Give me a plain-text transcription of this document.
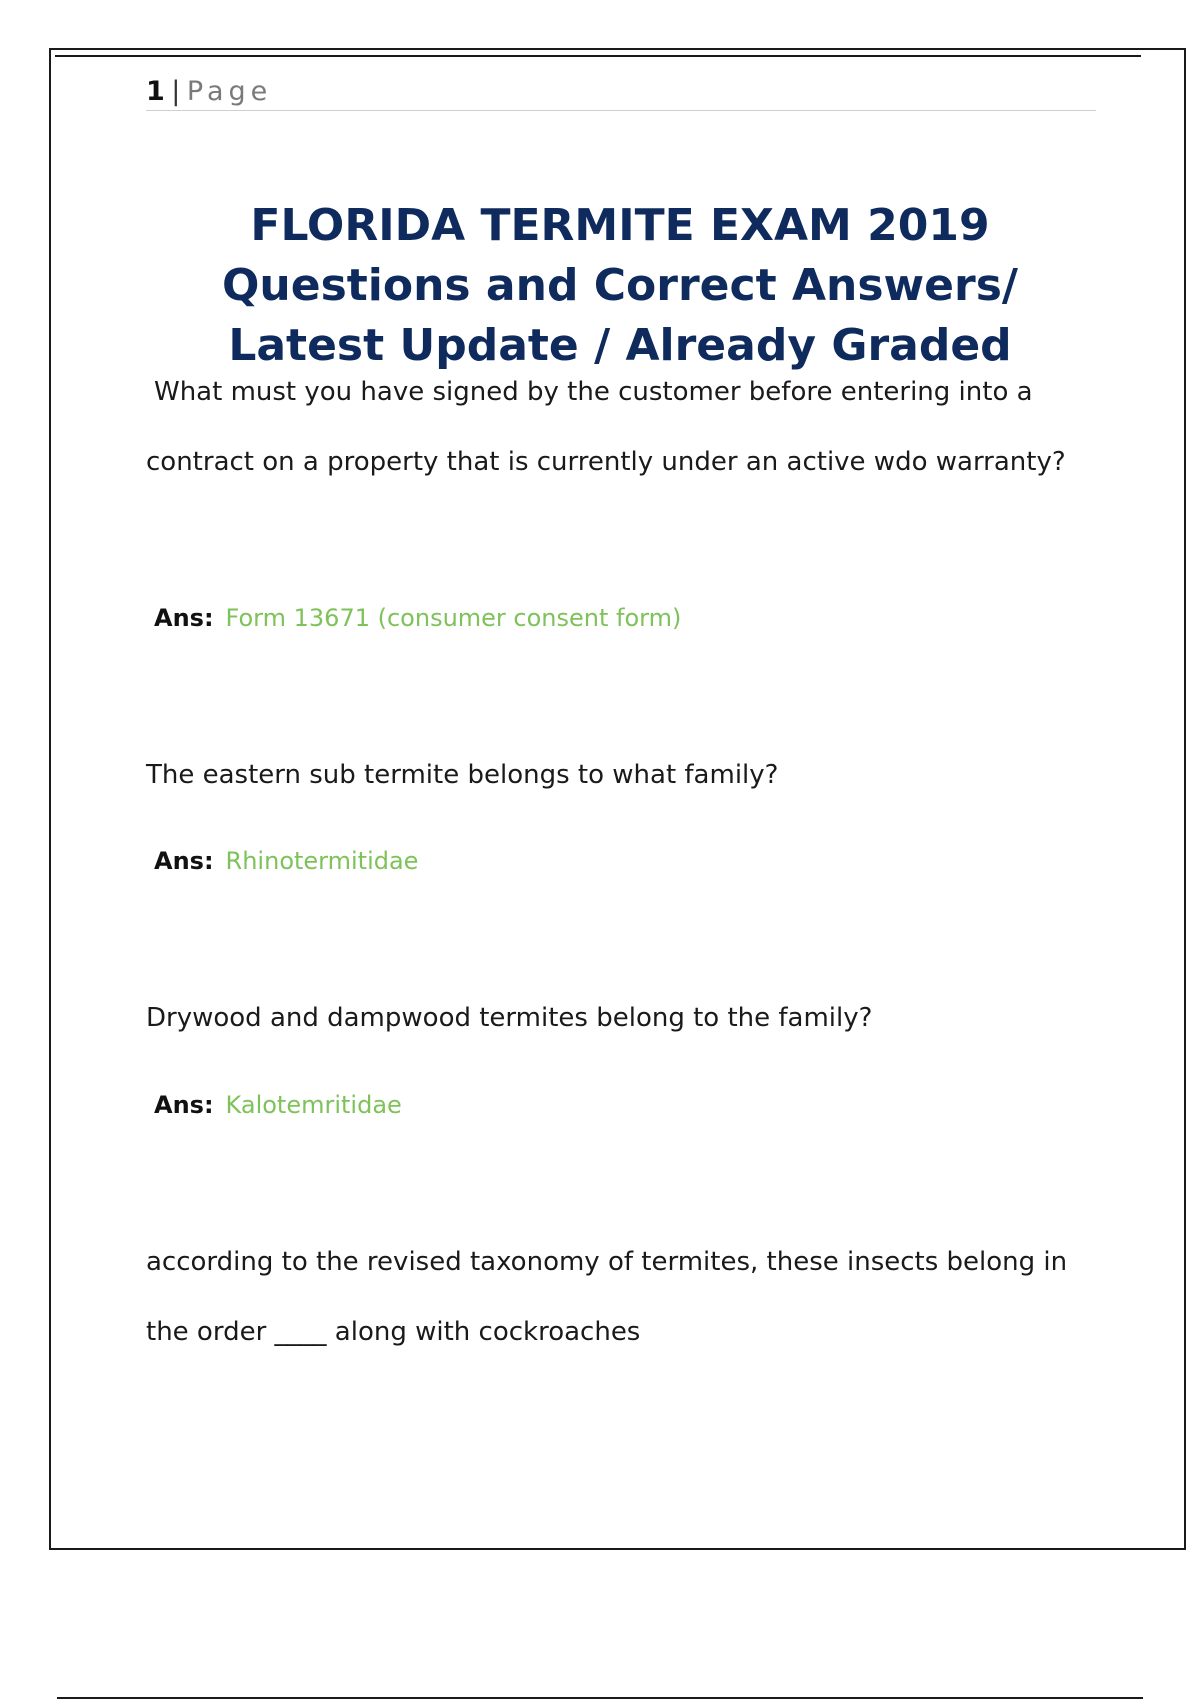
1 | Page
FLORIDA TERMITE EXAM 2019 Questions and Correct Answers/ Latest Update / Already Graded

What must you have signed by the customer before entering into a contract on a property that is currently under an active wdo warranty?

Ans: Form 13671 (consumer consent form)

The eastern sub termite belongs to what family?

Ans: Rhinotermitidae

Drywood and dampwood termites belong to the family?

Ans: Kalotemritidae

according to the revised taxonomy of termites, these insects belong in the order ____ along with cockroaches
